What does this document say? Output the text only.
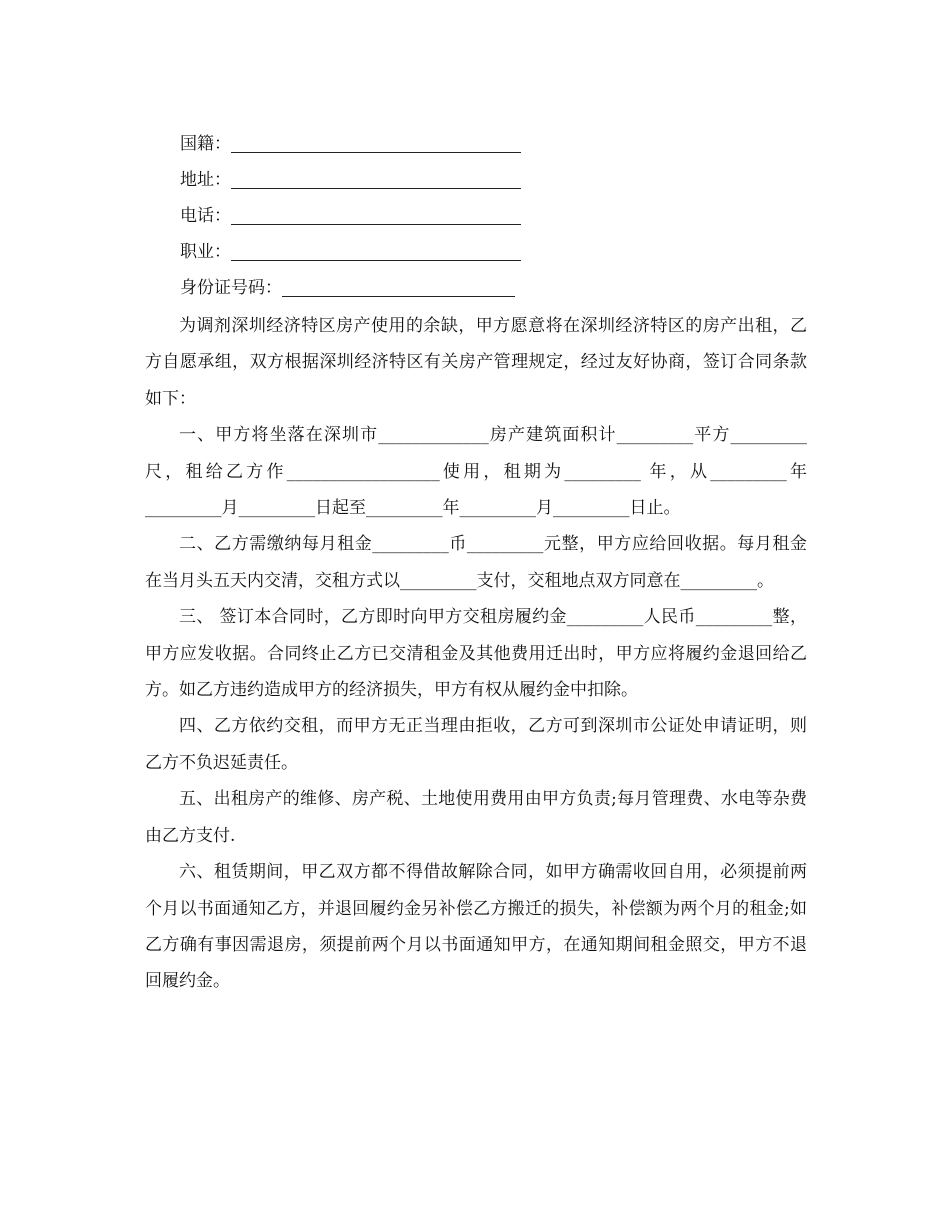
国籍：
地址：
电话：
职业：
身份证号码：

为调剂深圳经济特区房产使用的余缺，甲方愿意将在深圳经济特区的房产出租，乙方自愿承组，双方根据深圳经济特区有关房产管理规定，经过友好协商，签订合同条款如下：

一、甲方将坐落在深圳市_____________房产建筑面积计_________平方_________尺，租给乙方作__________________使用，租期为_________ 年，从_________年_________月_________日起至_________年_________月_________日止。

二、乙方需缴纳每月租金_________币_________元整，甲方应给回收据。每月租金在当月头五天内交清，交租方式以_________支付，交租地点双方同意在_________。

三、 签订本合同时，乙方即时向甲方交租房履约金_________人民币_________整，甲方应发收据。合同终止乙方已交清租金及其他费用迁出时，甲方应将履约金退回给乙方。如乙方违约造成甲方的经济损失，甲方有权从履约金中扣除。

四、乙方依约交租，而甲方无正当理由拒收，乙方可到深圳市公证处申请证明，则乙方不负迟延责任。

五、出租房产的维修、房产税、土地使用费用由甲方负责;每月管理费、水电等杂费由乙方支付.

六、租赁期间，甲乙双方都不得借故解除合同，如甲方确需收回自用，必须提前两个月以书面通知乙方，并退回履约金另补偿乙方搬迁的损失，补偿额为两个月的租金;如乙方确有事因需退房，须提前两个月以书面通知甲方，在通知期间租金照交，甲方不退回履约金。
